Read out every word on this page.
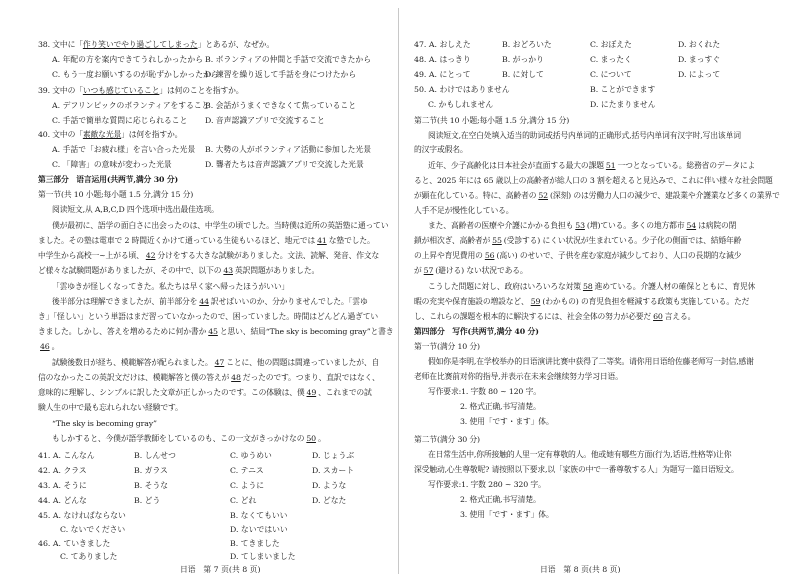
38. 文中に「作り笑いでやり過ごしてしまった」とあるが、なぜか。
A. 年配の方を案内できてうれしかったから B. ボランティアの仲間と手話で交流できたから
C. もう一度お願いするのが恥ずかしかったから
D. 練習を繰り返して手話を身につけたから
39. 文中の「いつも感じていること」は何のことを指すか。
A. デフリンピックのボランティアをすること
B. 会話がうまくできなくて焦っていること
C. 手話で簡単な質問に応じられること D. 音声認識アプリで交流すること
40. 文中の「素敵な光景」は何を指すか。
A. 手話で「お疲れ様」を言い合った光景 B. 大勢の人がボランティア活動に参加した光景
C. 「障害」の意味が変わった光景	D. 聾者たちは音声認識アプリで交流した光景
第三部分　语言运用(共两节,满分 30 分)
第一节(共 10 小题;每小题 1.5 分,满分 15 分)
阅读短文,从 A,B,C,D 四个选项中选出最佳选项。
僕が最初に、語学の面白さに出会ったのは、中学生の頃でした。当時僕は近所の英語塾に通ってい
ました。その塾は電車で 2 時間近くかけて通っている生徒もいるほど、地元では 41 な塾でした。
中学生から高校一~上がる頃、 42 分けをする大きな試験がありました。文法、読解、発音、作文な
ど様々な試験問題がありましたが、その中で、以下の 43 英訳問題がありました。
「雲ゆきが怪しくなってきた。私たちは早く家へ帰ったほうがいい」
後半部分は理解できましたが、前半部分を 44 訳せばいいのか、分かりませんでした。「雲ゆ
き」「怪しい」という単語はまだ習っていなかったので、困っていました。時間はどんどん過ぎてい
きました。しかし、答えを増めるために何か書か 45 と思い、結局“The sky is becoming gray”と書き
46 。
試験後数日が経ち、模範解答が配られました。 47 ことに、他の問題は間違っていましたが、自
信のなかったこの英訳文だけは、模範解答と僕の答えが 48 だったのです。つまり、直訳ではなく、
意味的に理解し、シンプルに訳した文章が正しかったのです。この体験は、僕 49 、これまでの試
験人生の中で最も忘れられない経験です。
“The sky is becoming gray”
もしかすると、今僕が語学教師をしているのも、この一文がきっかけなの 50 。
41. A. こんなん	B. しんせつ	C. ゆうめい	D. じょうぶ
42. A. クラス	B. ガラス	C. テニス	D. スカート
43. A. そうに	B. そうな	C. ように	D. ような
44. A. どんな	B. どう	C. どれ	D. どなた
45. A. なければならない	B. なくてもいい
C. ないでください	D. ないではいい
46. A. ていきました	B. てきました
C. てありました	D. てしまいました
日语　第 7 页(共 8 页)
47. A. おしえた	B. おどろいた	C. おぼえた	D. おくれた
48. A. はっきり	B. がっかり	C. まったく	D. まっすぐ
49. A. にとって	B. に対して	C. について	D. によって
50. A. わけではありません	B. ことができます
C. かもしれません	D. にたまりません
第二节(共 10 小题;每小题 1.5 分,满分 15 分)
阅读短文,在空白处填入适当的助词或括号内单词的正确形式,括号内单词有汉字时,写出该单词
的汉字或假名。
近年、少子高齢化は日本社会が直面する最大の課題 51 一つとなっている。総務省のデータによ
ると、2025 年には 65 歳以上の高齢者が総人口の 3 割を超えると見込みで、これに伴い様々な社会問題
が顕在化している。特に、高齢者の 52 (深刻) のは労働力人口の減少で、建設業や介護業など多くの業界で
人手不足が慢性化している。
また、高齢者の医療や介護にかかる負担も 53 (増)ている。多くの地方都市 54 は病院の閉
鎖が相次ぎ、高齢者が 55 (受診する) にくい状況が生まれている。少子化の側面では、結婚年齢
の上昇や育児費用の 56 (高い) のせいで、子供を産む家庭が減少しており、人口の長期的な減少
が 57 (避ける) ない状況である。
こうした問題に対し、政府はいろいろな対策 58 進めている。介護人材の確保とともに、育児休
暇の充実や保育施設の増設など、 59 (わかもの) の育児負担を軽減する政策も実施している。ただ
し、これらの課題を根本的に解決するには、社会全体の努力が必要だ 60 言える。
第四部分　写作(共两节,满分 40 分)
第一节(满分 10 分)
假如你是李明,在学校举办的日语演讲比赛中获得了二等奖。请你用日语给佐藤老师写一封信,感谢
老师在比赛前对你的指导,并表示在未来会继续努力学习日语。
写作要求:1. 字数 80 ~ 120 字。
2. 格式正确,书写清楚。
3. 使用「です・ます」体。
第二节(满分 30 分)
在日常生活中,你所接触的人里一定有尊敬的人。他或她有哪些方面(行为,话语,性格等)让你
深受触动,心生尊敬呢? 请按照以下要求,以「家族の中で一番尊敬する人」为题写一篇日语短文。
写作要求:1. 字数 280 ~ 320 字。
2. 格式正确,书写清楚。
3. 使用「です・ます」体。
日语　第 8 页(共 8 页)
